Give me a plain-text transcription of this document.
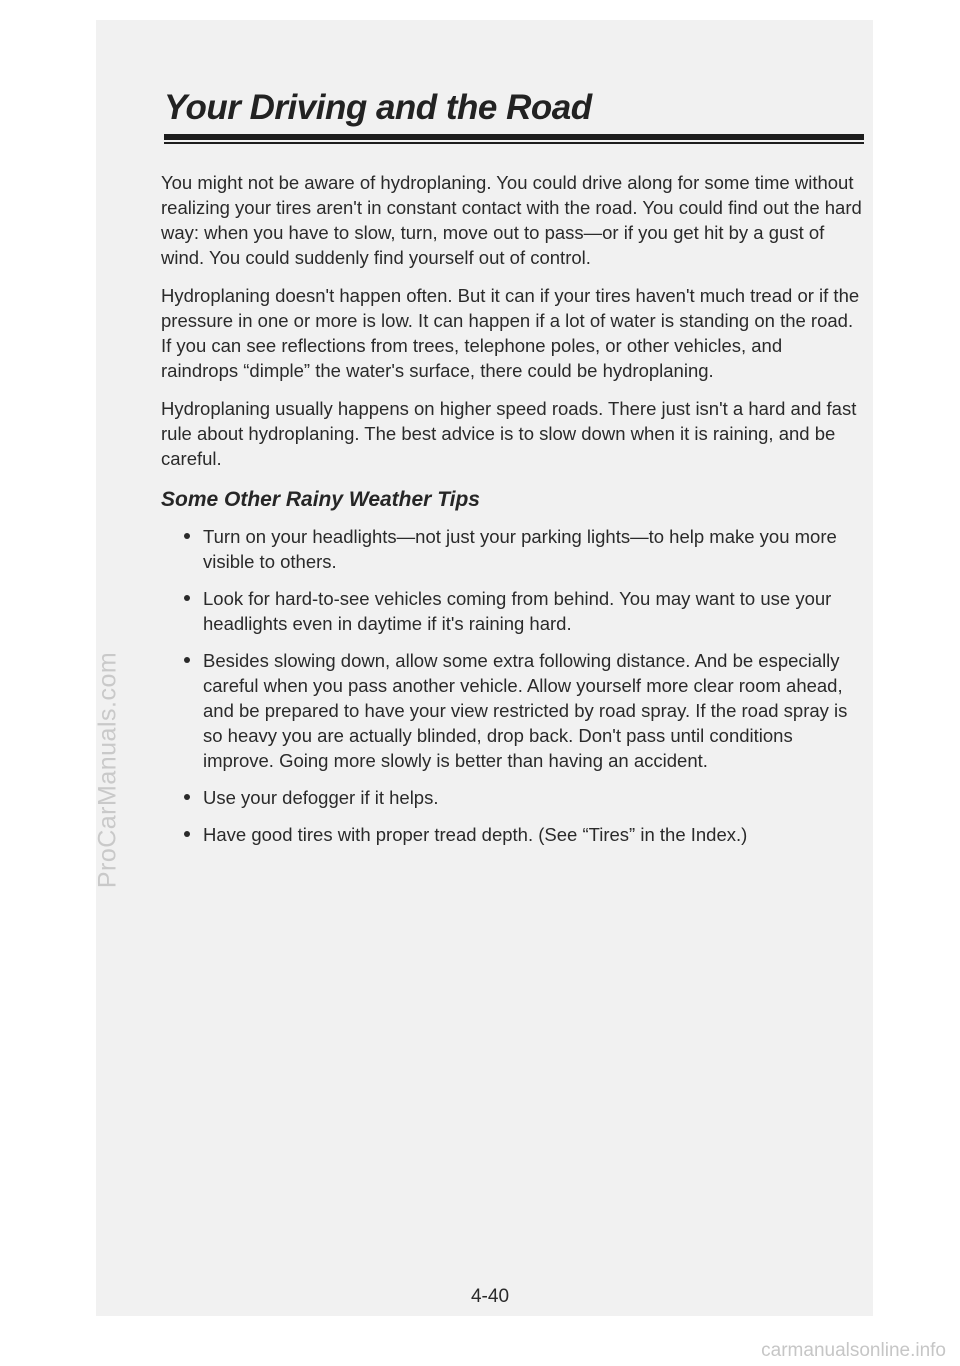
ProCarManuals.com
Your Driving and the Road

You might not be aware of hydroplaning. You could drive along for some time without realizing your tires aren't in constant contact with the road. You could find out the hard way: when you have to slow, turn, move out to pass—or if you get hit by a gust of wind. You could suddenly find yourself out of control.

Hydroplaning doesn't happen often. But it can if your tires haven't much tread or if the pressure in one or more is low. It can happen if a lot of water is standing on the road. If you can see reflections from trees, telephone poles, or other vehicles, and raindrops “dimple” the water's surface, there could be hydroplaning.

Hydroplaning usually happens on higher speed roads. There just isn't a hard and fast rule about hydroplaning. The best advice is to slow down when it is raining, and be careful.

Some Other Rainy Weather Tips
Turn on your headlights—not just your parking lights—to help make you more visible to others.
Look for hard-to-see vehicles coming from behind. You may want to use your headlights even in daytime if it's raining hard.
Besides slowing down, allow some extra following distance. And be especially careful when you pass another vehicle. Allow yourself more clear room ahead, and be prepared to have your view restricted by road spray. If the road spray is so heavy you are actually blinded, drop back. Don't pass until conditions improve. Going more slowly is better than having an accident.
Use your defogger if it helps.
Have good tires with proper tread depth. (See “Tires” in the Index.)
4-40
carmanualsonline.info
